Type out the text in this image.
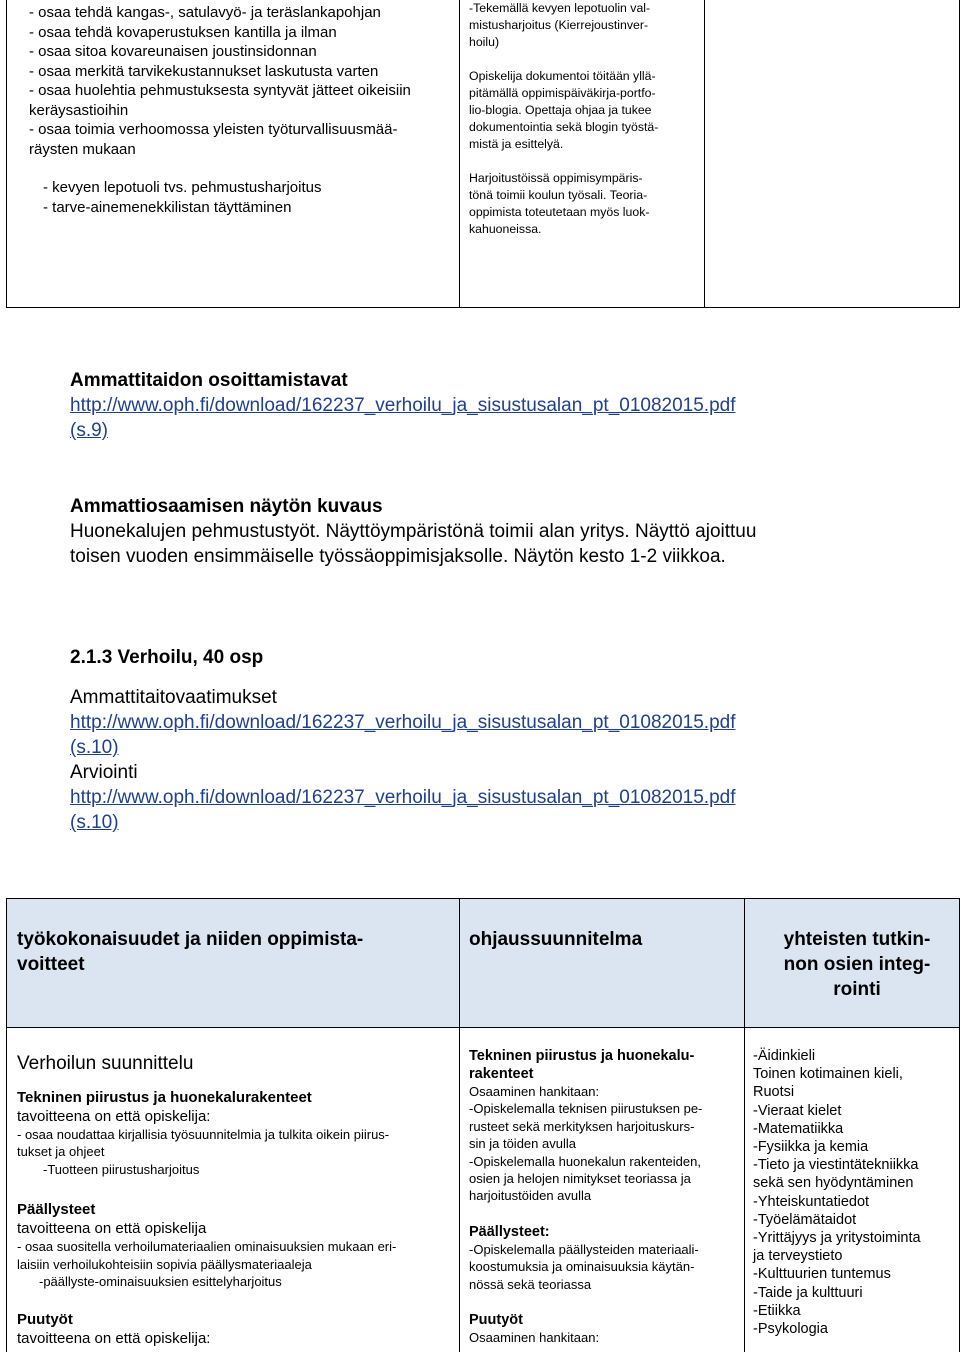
- osaa tehdä kangas-, satulavyö- ja teräslankapohjan
- osaa tehdä kovaperustuksen kantilla ja ilman
- osaa sitoa kovareunaisen joustinsidonnan
- osaa merkitä tarvikekustannukset laskutusta varten
- osaa huolehtia pehmustuksesta syntyvät jätteet oikeisiin
keräysastioihin
- osaa toimia verhoomossa yleisten työturvallisuusmää-
räysten mukaan
- kevyen lepotuoli tvs. pehmustusharjoitus
- tarve-ainemenekkilistan täyttäminen
-Tekemällä kevyen lepotuolin val-
mistusharjoitus (Kierrejoustinver-
hoilu)
Opiskelija dokumentoi töitään yllä-
pitämällä oppimispäiväkirja-portfo-
lio-blogia. Opettaja ohjaa ja tukee
dokumentointia sekä blogin työstä-
mistä ja esittelyä.
Harjoitustöissä oppimisympäris-
tönä toimii koulun työsali. Teoria-
oppimista toteutetaan myös luok-
kahuoneissa.
Ammattitaidon osoittamistavat
http://www.oph.fi/download/162237_verhoilu_ja_sisustusalan_pt_01082015.pdf
(s.9)
Ammattiosaamisen näytön kuvaus
Huonekalujen pehmustustyöt. Näyttöympäristönä toimii alan yritys. Näyttö ajoittuu
toisen vuoden ensimmäiselle työssäoppimisjaksolle. Näytön kesto 1-2 viikkoa.
2.1.3 Verhoilu, 40 osp
Ammattitaitovaatimukset
http://www.oph.fi/download/162237_verhoilu_ja_sisustusalan_pt_01082015.pdf
(s.10)
Arviointi
http://www.oph.fi/download/162237_verhoilu_ja_sisustusalan_pt_01082015.pdf
(s.10)
työkokonaisuudet ja niiden oppimista-
voitteet
ohjaussuunnitelma	yhteisten tutkin-
non osien integ-
rointi
Verhoilun suunnittelu
Tekninen piirustus ja huonekalurakenteet
tavoitteena on että opiskelija:
- osaa noudattaa kirjallisia työsuunnitelmia ja tulkita oikein piirus-
tukset ja ohjeet
-Tuotteen piirustusharjoitus
Päällysteet
tavoitteena on että opiskelija
- osaa suositella verhoilumateriaalien ominaisuuksien mukaan eri-
laisiin verhoilukohteisiin sopivia päällysmateriaaleja
-päällyste-ominaisuuksien esittelyharjoitus
Puutyöt
tavoitteena on että opiskelija:
Tekninen piirustus ja huonekalu-
rakenteet
Osaaminen hankitaan:
-Opiskelemalla teknisen piirustuksen pe-
rusteet sekä merkityksen harjoituskurs-
sin ja töiden avulla
-Opiskelemalla huonekalun rakenteiden,
osien ja helojen nimitykset teoriassa ja
harjoitustöiden avulla
Päällysteet:
-Opiskelemalla päällysteiden materiaali-
koostumuksia ja ominaisuuksia käytän-
nössä sekä teoriassa
Puutyöt
Osaaminen hankitaan:
-Äidinkieli
Toinen kotimainen kieli,
Ruotsi
-Vieraat kielet
-Matematiikka
-Fysiikka ja kemia
-Tieto ja viestintätekniikka
sekä sen hyödyntäminen
-Yhteiskuntatiedot
-Työelämätaidot
-Yrittäjyys ja yritystoiminta
ja terveystieto
-Kulttuurien tuntemus
-Taide ja kulttuuri
-Etiikka
-Psykologia
